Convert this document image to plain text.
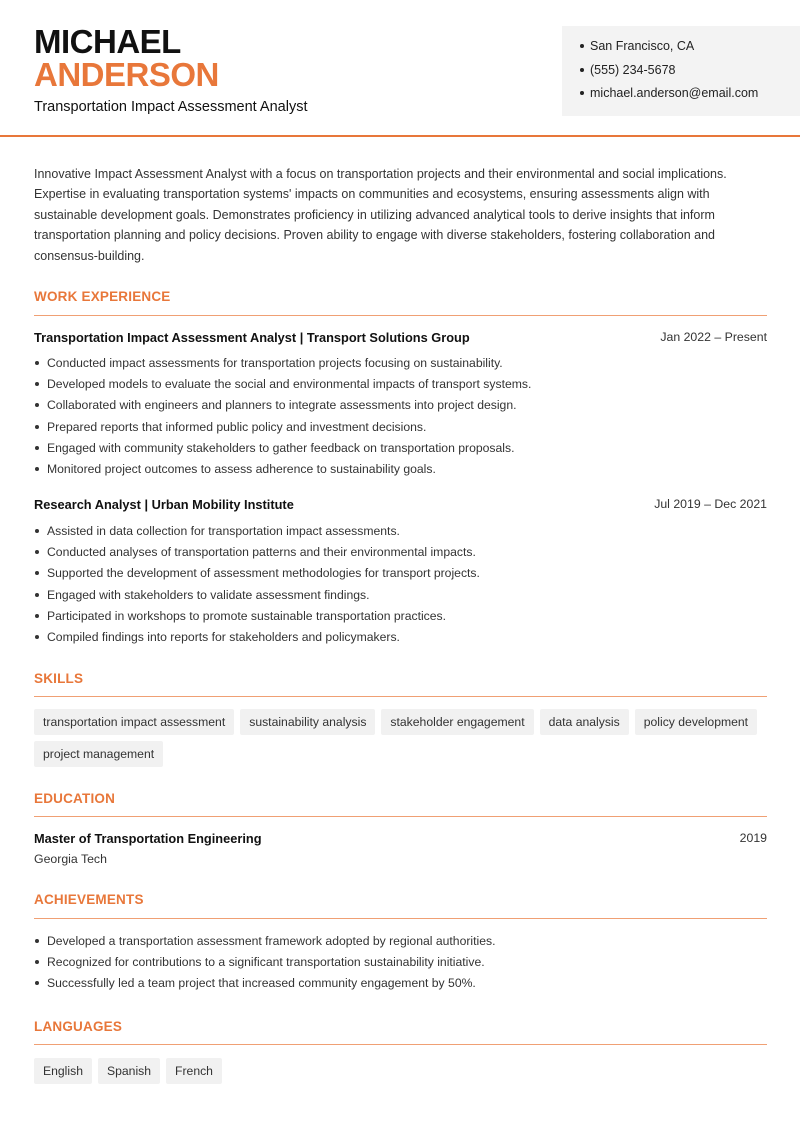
MICHAEL
ANDERSON
Transportation Impact Assessment Analyst
San Francisco, CA
(555) 234-5678
michael.anderson@email.com

Innovative Impact Assessment Analyst with a focus on transportation projects and their environmental and social implications. Expertise in evaluating transportation systems' impacts on communities and ecosystems, ensuring assessments align with sustainable development goals. Demonstrates proficiency in utilizing advanced analytical tools to derive insights that inform transportation planning and policy decisions. Proven ability to engage with diverse stakeholders, fostering collaboration and consensus-building.

WORK EXPERIENCE
Transportation Impact Assessment Analyst | Transport Solutions Group	Jan 2022 – Present
Conducted impact assessments for transportation projects focusing on sustainability.
Developed models to evaluate the social and environmental impacts of transport systems.
Collaborated with engineers and planners to integrate assessments into project design.
Prepared reports that informed public policy and investment decisions.
Engaged with community stakeholders to gather feedback on transportation proposals.
Monitored project outcomes to assess adherence to sustainability goals.
Research Analyst | Urban Mobility Institute	Jul 2019 – Dec 2021
Assisted in data collection for transportation impact assessments.
Conducted analyses of transportation patterns and their environmental impacts.
Supported the development of assessment methodologies for transport projects.
Engaged with stakeholders to validate assessment findings.
Participated in workshops to promote sustainable transportation practices.
Compiled findings into reports for stakeholders and policymakers.
SKILLS
transportation impact assessment	sustainability analysis	stakeholder engagement	data analysis	policy development
project management
EDUCATION
Master of Transportation Engineering	2019
Georgia Tech
ACHIEVEMENTS
Developed a transportation assessment framework adopted by regional authorities.
Recognized for contributions to a significant transportation sustainability initiative.
Successfully led a team project that increased community engagement by 50%.
LANGUAGES
English	Spanish	French
